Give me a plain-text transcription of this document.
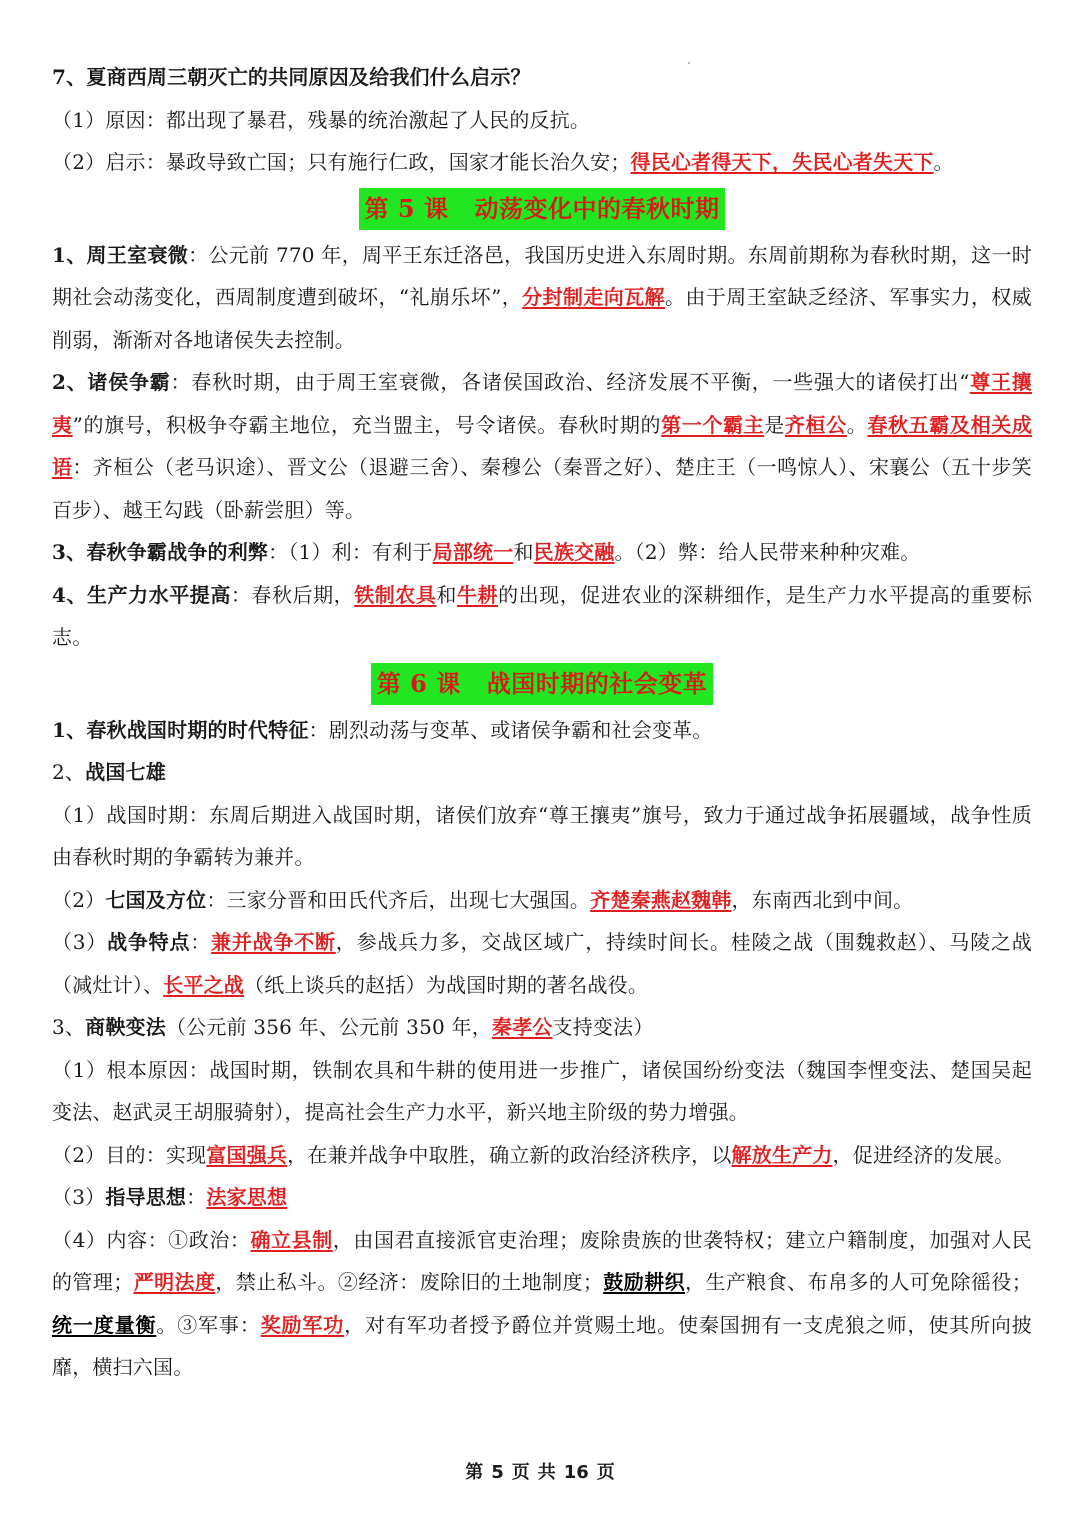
7、夏商西周三朝灭亡的共同原因及给我们什么启示？

（1）原因：都出现了暴君，残暴的统治激起了人民的反抗。

（2）启示：暴政导致亡国；只有施行仁政，国家才能长治久安；得民心者得天下，失民心者失天下。

第 5 课 动荡变化中的春秋时期

1、周王室衰微：公元前 770 年，周平王东迁洛邑，我国历史进入东周时期。东周前期称为春秋时期，这一时期社会动荡变化，西周制度遭到破坏，“礼崩乐坏”，分封制走向瓦解。由于周王室缺乏经济、军事实力，权威削弱，渐渐对各地诸侯失去控制。

2、诸侯争霸：春秋时期，由于周王室衰微，各诸侯国政治、经济发展不平衡，一些强大的诸侯打出“尊王攘夷”的旗号，积极争夺霸主地位，充当盟主，号令诸侯。春秋时期的第一个霸主是齐桓公。春秋五霸及相关成语：齐桓公（老马识途）、晋文公（退避三舍）、秦穆公（秦晋之好）、楚庄王（一鸣惊人）、宋襄公（五十步笑百步）、越王勾践（卧薪尝胆）等。

3、春秋争霸战争的利弊：（1）利：有利于局部统一和民族交融。（2）弊：给人民带来种种灾难。

4、生产力水平提高：春秋后期，铁制农具和牛耕的出现，促进农业的深耕细作，是生产力水平提高的重要标志。

第 6 课 战国时期的社会变革

1、春秋战国时期的时代特征：剧烈动荡与变革、或诸侯争霸和社会变革。

2、战国七雄

（1）战国时期：东周后期进入战国时期，诸侯们放弃“尊王攘夷”旗号，致力于通过战争拓展疆域，战争性质由春秋时期的争霸转为兼并。

（2）七国及方位：三家分晋和田氏代齐后，出现七大强国。齐楚秦燕赵魏韩，东南西北到中间。

（3）战争特点：兼并战争不断，参战兵力多，交战区域广，持续时间长。桂陵之战（围魏救赵）、马陵之战（减灶计）、长平之战（纸上谈兵的赵括）为战国时期的著名战役。

3、商鞅变法（公元前 356 年、公元前 350 年，秦孝公支持变法）

（1）根本原因：战国时期，铁制农具和牛耕的使用进一步推广，诸侯国纷纷变法（魏国李悝变法、楚国吴起变法、赵武灵王胡服骑射），提高社会生产力水平，新兴地主阶级的势力增强。

（2）目的：实现富国强兵，在兼并战争中取胜，确立新的政治经济秩序，以解放生产力，促进经济的发展。

（3）指导思想：法家思想

（4）内容：①政治：确立县制，由国君直接派官吏治理；废除贵族的世袭特权；建立户籍制度，加强对人民的管理；严明法度，禁止私斗。②经济：废除旧的土地制度；鼓励耕织，生产粮食、布帛多的人可免除徭役；统一度量衡。③军事：奖励军功，对有军功者授予爵位并赏赐土地。使秦国拥有一支虎狼之师，使其所向披靡，横扫六国。

第 5 页 共 16 页
